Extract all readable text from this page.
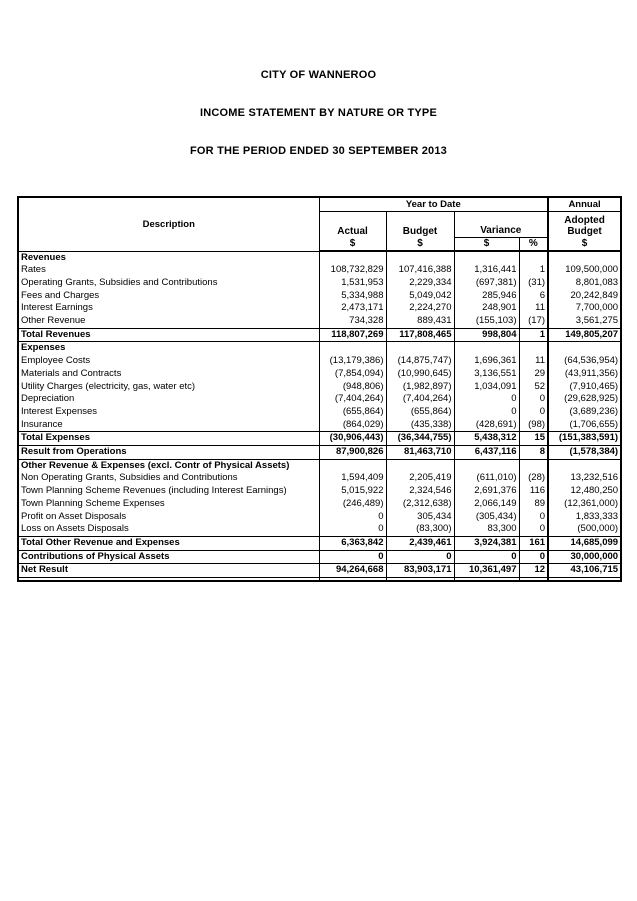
CITY OF WANNEROO
INCOME STATEMENT BY NATURE OR TYPE
FOR THE PERIOD ENDED 30 SEPTEMBER 2013
Description	Year to Date				Annual
	Actual	Budget	Variance		Adopted Budget
	$	$	$	%	$
Revenues					
Rates	108,732,829	107,416,388	1,316,441	1	109,500,000
Operating Grants, Subsidies and Contributions	1,531,953	2,229,334	(697,381)	(31)	8,801,083
Fees and Charges	5,334,988	5,049,042	285,946	6	20,242,849
Interest Earnings	2,473,171	2,224,270	248,901	11	7,700,000
Other Revenue	734,328	889,431	(155,103)	(17)	3,561,275
Total Revenues	118,807,269	117,808,465	998,804	1	149,805,207
Expenses					
Employee Costs	(13,179,386)	(14,875,747)	1,696,361	11	(64,536,954)
Materials and Contracts	(7,854,094)	(10,990,645)	3,136,551	29	(43,911,356)
Utility Charges (electricity, gas, water etc)	(948,806)	(1,982,897)	1,034,091	52	(7,910,465)
Depreciation	(7,404,264)	(7,404,264)	0	0	(29,628,925)
Interest Expenses	(655,864)	(655,864)	0	0	(3,689,236)
Insurance	(864,029)	(435,338)	(428,691)	(98)	(1,706,655)
Total Expenses	(30,906,443)	(36,344,755)	5,438,312	15	(151,383,591)
Result from Operations	87,900,826	81,463,710	6,437,116	8	(1,578,384)
Other Revenue & Expenses (excl. Contr of Physical Assets)					
Non Operating Grants, Subsidies and Contributions	1,594,409	2,205,419	(611,010)	(28)	13,232,516
Town Planning Scheme Revenues (including Interest Earnings)	5,015,922	2,324,546	2,691,376	116	12,480,250
Town Planning Scheme Expenses	(246,489)	(2,312,638)	2,066,149	89	(12,361,000)
Profit on Asset Disposals	0	305,434	(305,434)	0	1,833,333
Loss on Assets Disposals	0	(83,300)	83,300	0	(500,000)
Total Other Revenue and Expenses	6,363,842	2,439,461	3,924,381	161	14,685,099
Contributions of Physical Assets	0	0	0	0	30,000,000
Net Result	94,264,668	83,903,171	10,361,497	12	43,106,715
